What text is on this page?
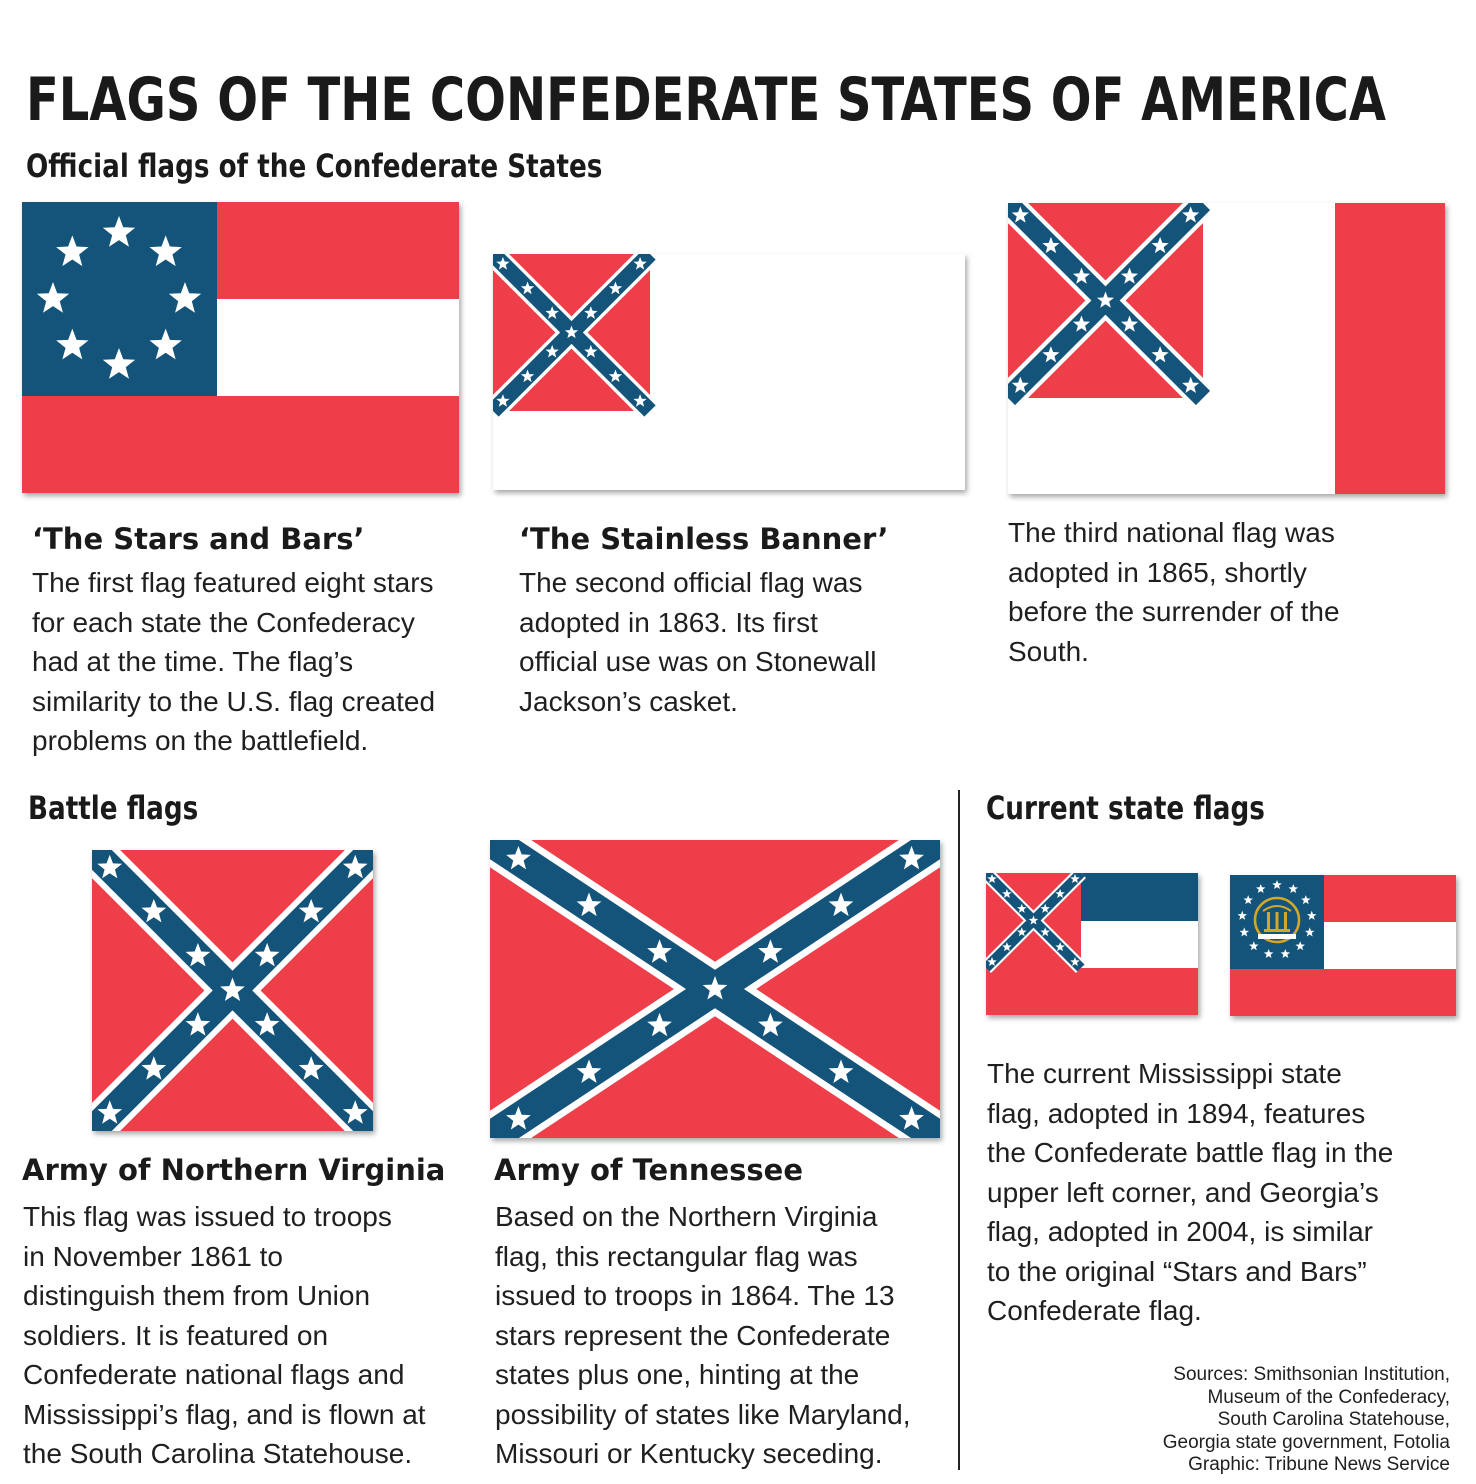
FLAGS OF THE CONFEDERATE STATES OF AMERICA
Official flags of the Confederate States
‘The Stars and Bars’
The first flag featured eight stars
for each state the Confederacy
had at the time. The flag’s
similarity to the U.S. flag created
problems on the battlefield.
‘The Stainless Banner’
The second official flag was
adopted in 1863. Its first
official use was on Stonewall
Jackson’s casket.
The third national flag was
adopted in 1865, shortly
before the surrender of the
South.
Battle flags
Army of Northern Virginia
This flag was issued to troops
in November 1861 to
distinguish them from Union
soldiers. It is featured on
Confederate national flags and
Mississippi’s flag, and is flown at
the South Carolina Statehouse.
Army of Tennessee
Based on the Northern Virginia
flag, this rectangular flag was
issued to troops in 1864. The 13
stars represent the Confederate
states plus one, hinting at the
possibility of states like Maryland,
Missouri or Kentucky seceding.
Current state flags
The current Mississippi state
flag, adopted in 1894, features
the Confederate battle flag in the
upper left corner, and Georgia’s
flag, adopted in 2004, is similar
to the original “Stars and Bars”
Confederate flag.
Sources: Smithsonian Institution,
Museum of the Confederacy,
South Carolina Statehouse,
Georgia state government, Fotolia
Graphic: Tribune News Service
